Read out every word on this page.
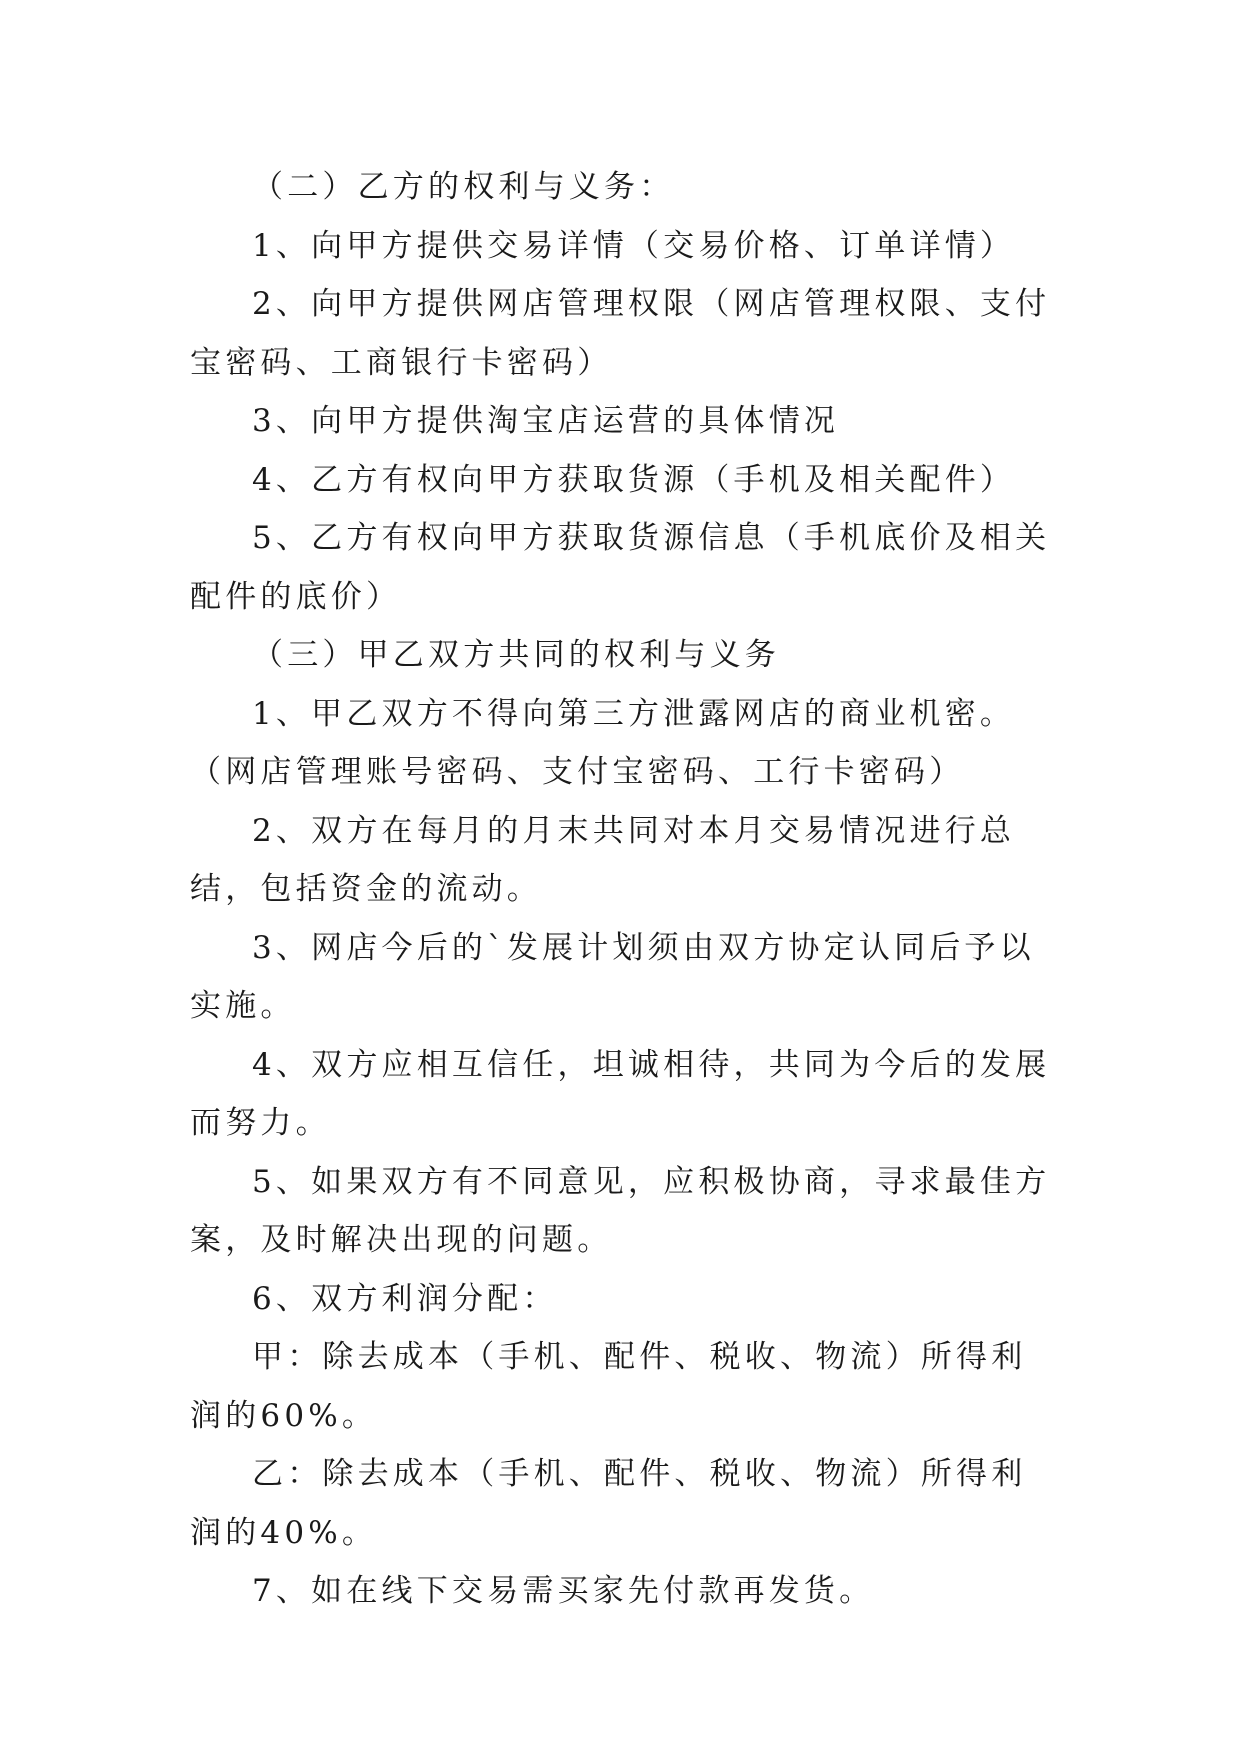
（二）乙方的权利与义务：

1、向甲方提供交易详情（交易价格、订单详情）

2、向甲方提供网店管理权限（网店管理权限、支付宝密码、工商银行卡密码）

3、向甲方提供淘宝店运营的具体情况

4、乙方有权向甲方获取货源（手机及相关配件）

5、乙方有权向甲方获取货源信息（手机底价及相关配件的底价）

（三）甲乙双方共同的权利与义务

1、甲乙双方不得向第三方泄露网店的商业机密。（网店管理账号密码、支付宝密码、工行卡密码）

2、双方在每月的月末共同对本月交易情况进行总结，包括资金的流动。

3、网店今后的`发展计划须由双方协定认同后予以实施。

4、双方应相互信任，坦诚相待，共同为今后的发展而努力。

5、如果双方有不同意见，应积极协商，寻求最佳方案，及时解决出现的问题。

6、双方利润分配：

甲：除去成本（手机、配件、税收、物流）所得利润的60%。

乙：除去成本（手机、配件、税收、物流）所得利润的40%。

7、如在线下交易需买家先付款再发货。
